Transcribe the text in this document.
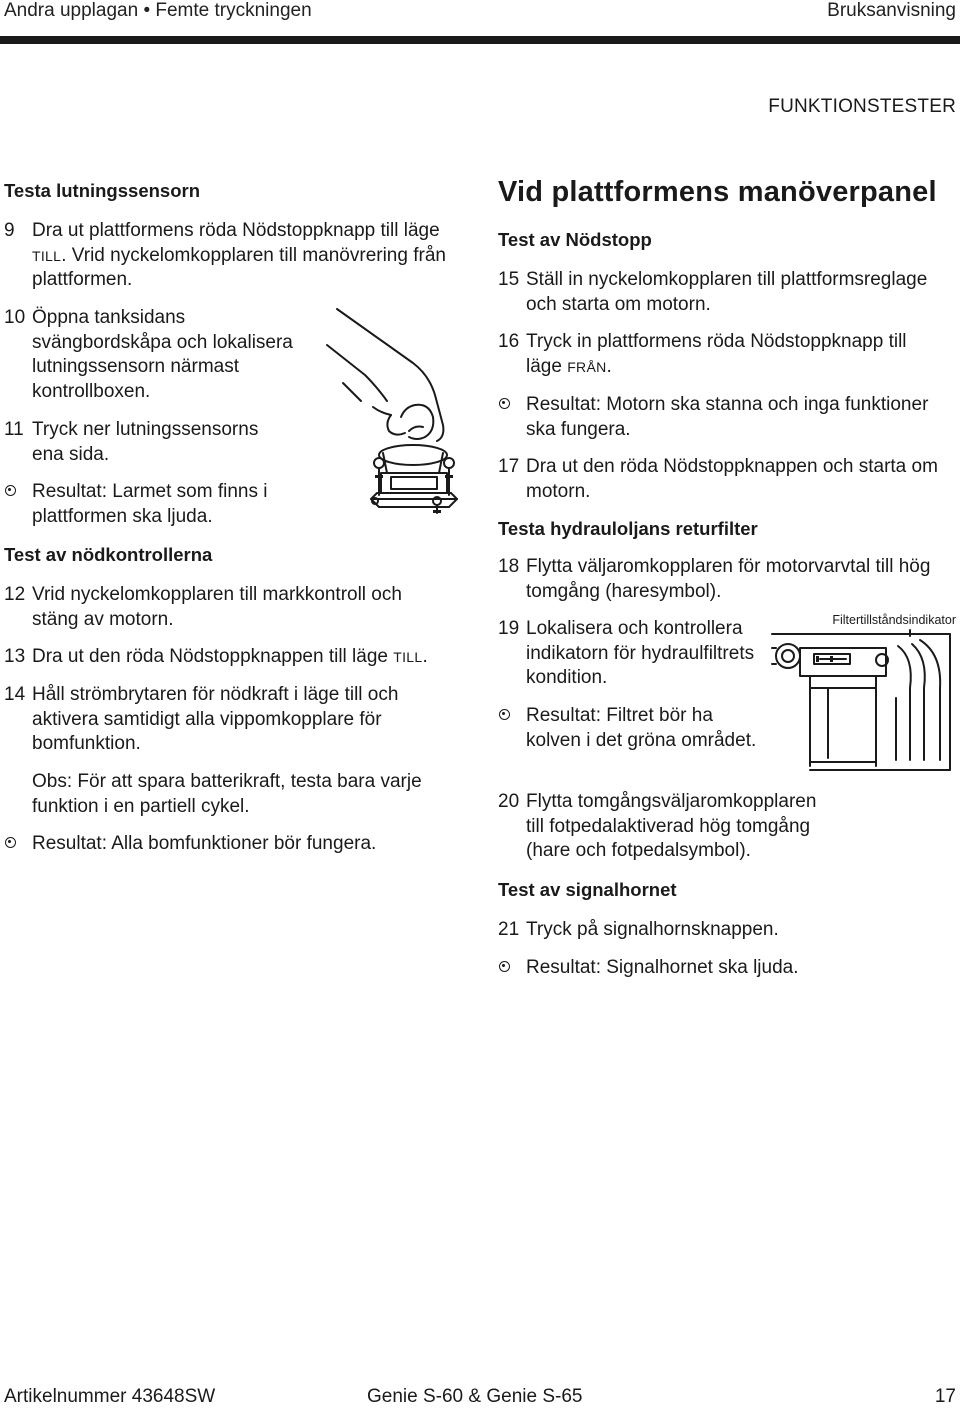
Andra upplagan • Femte tryckningen	Bruksanvisning
FUNKTIONSTESTER
Testa lutningssensorn
9 Dra ut plattformens röda Nödstoppknapp till läge TILL. Vrid nyckelomkopplaren till manövrering från plattformen.
10 Öppna tanksidans svängbordskåpa och lokalisera lutningssensorn närmast kontrollboxen.
11 Tryck ner lutningssensorns ena sida.
Resultat: Larmet som finns i plattformen ska ljuda.
Test av nödkontrollerna
12 Vrid nyckelomkopplaren till markkontroll och stäng av motorn.
13 Dra ut den röda Nödstoppknappen till läge TILL.
14 Håll strömbrytaren för nödkraft i läge till och aktivera samtidigt alla vippomkopplare för bomfunktion.
Obs: För att spara batterikraft, testa bara varje funktion i en partiell cykel.
Resultat: Alla bomfunktioner bör fungera.
Vid plattformens manöverpanel
Test av Nödstopp
15 Ställ in nyckelomkopplaren till plattformsreglage och starta om motorn.
16 Tryck in plattformens röda Nödstoppknapp till läge FRÅN.
Resultat: Motorn ska stanna och inga funktioner ska fungera.
17 Dra ut den röda Nödstoppknappen och starta om motorn.
Testa hydrauloljans returfilter
18 Flytta väljaromkopplaren för motorvarvtal till hög tomgång (haresymbol).
Filtertillståndsindikator
19 Lokalisera och kontrollera indikatorn för hydraulfiltrets kondition.
Resultat: Filtret bör ha kolven i det gröna området.
20 Flytta tomgångsväljaromkopplaren till fotpedalaktiverad hög tomgång (hare och fotpedalsymbol).
Test av signalhornet
21 Tryck på signalhornsknappen.
Resultat: Signalhornet ska ljuda.
Artikelnummer 43648SW	Genie S-60 & Genie S-65	17
